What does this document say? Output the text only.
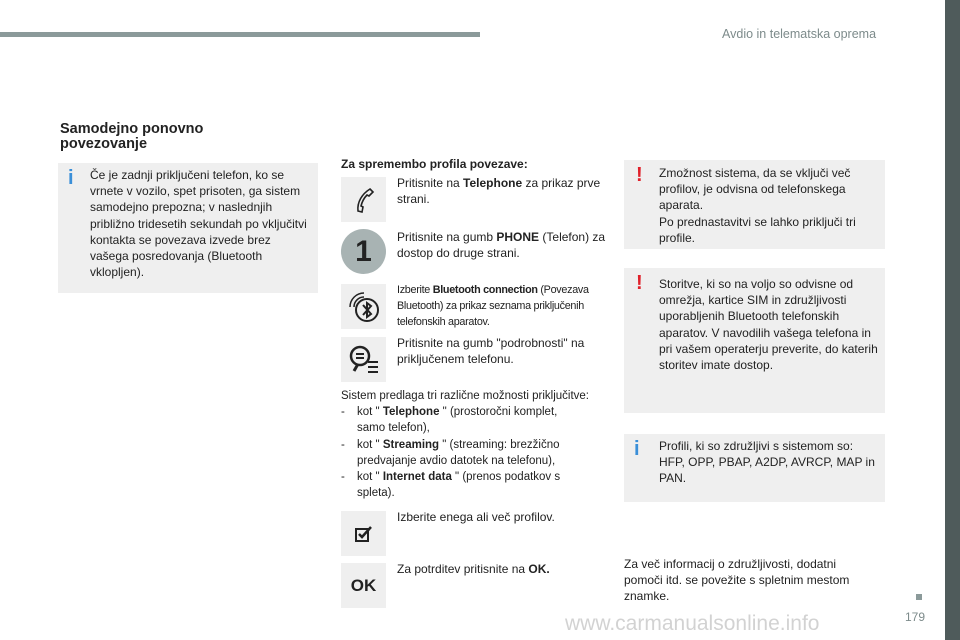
Avdio in telematska oprema
Samodejno ponovno
povezovanje
i Če je zadnji priključeni telefon, ko se vrnete v vozilo, spet prisoten, ga sistem samodejno prepozna; v naslednjih približno tridesetih sekundah po vključitvi kontakta se povezava izvede brez vašega posredovanja (Bluetooth vklopljen).
Za spremembo profila povezave:
Pritisnite na Telephone za prikaz prve strani.
1	Pritisnite na gumb PHONE (Telefon) za dostop do druge strani.
Izberite Bluetooth connection (Povezava Bluetooth) za prikaz seznama priključenih telefonskih aparatov.
Pritisnite na gumb "podrobnosti" na priključenem telefonu.
Sistem predlaga tri različne možnosti priključitve:
-	kot " Telephone " (prostoročni komplet, samo telefon),
-	kot " Streaming " (streaming: brezžično predvajanje avdio datotek na telefonu),
-	kot " Internet data " (prenos podatkov s spleta).
Izberite enega ali več profilov.
OK
Za potrditev pritisnite na OK.
! Zmožnost sistema, da se vključi več profilov, je odvisna od telefonskega aparata.
Po prednastavitvi se lahko priključi tri profile.
! Storitve, ki so na voljo so odvisne od omrežja, kartice SIM in združljivosti uporabljenih Bluetooth telefonskih aparatov. V navodilih vašega telefona in pri vašem operaterju preverite, do katerih storitev imate dostop.
i Profili, ki so združljivi s sistemom so: HFP, OPP, PBAP, A2DP, AVRCP, MAP in PAN.
Za več informacij o združljivosti, dodatni pomoči itd. se povežite s spletnim mestom znamke.
www.carmanualsonline.info	179
